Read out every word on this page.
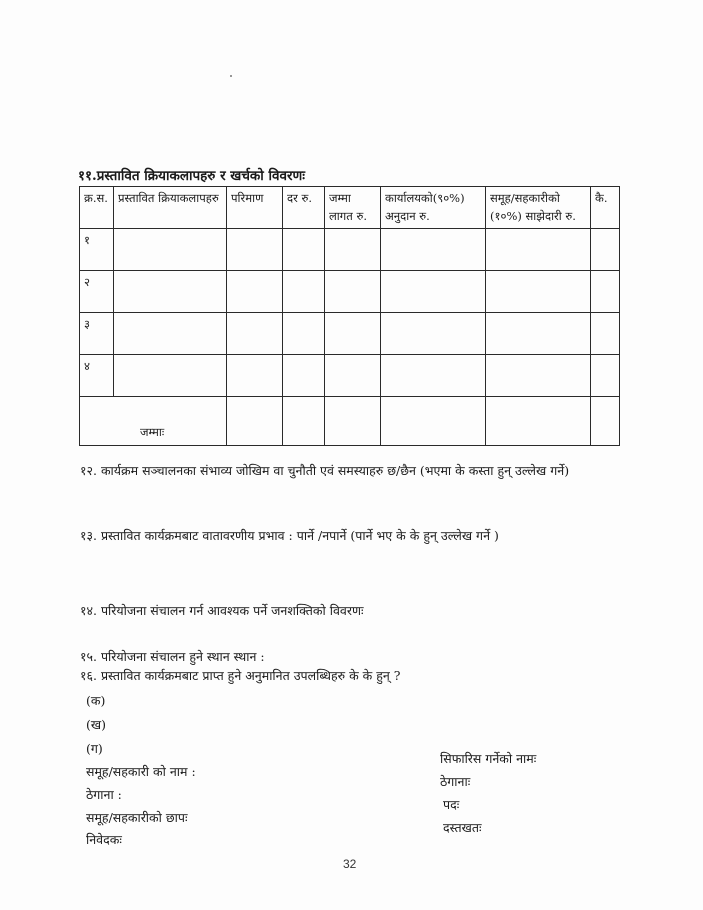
११.प्रस्तावित क्रियाकलापहरु र खर्चको विवरणः
क्र.स.	प्रस्तावित क्रियाकलापहरु	परिमाण	दर रु.	जम्मा लागत रु.	कार्यालयको(९०%) अनुदान रु.	समूह/सहकारीको (१०%) साझेदारी रु.	कै.
१							
२							
३							
४							
जम्माः							
१२. कार्यक्रम सञ्चालनका संभाव्य जोखिम वा चुनौती एवं समस्याहरु छ/छैन (भएमा के कस्ता हुन् उल्लेख गर्ने)
१३. प्रस्तावित कार्यक्रमबाट वातावरणीय प्रभाव : पार्ने /नपार्ने (पार्ने भए के के हुन् उल्लेख गर्ने )
१४. परियोजना संचालन गर्न आवश्यक पर्ने जनशक्तिको विवरणः
१५. परियोजना संचालन हुने स्थान स्थान :
१६. प्रस्तावित कार्यक्रमबाट प्राप्त हुने अनुमानित उपलब्धिहरु के के हुन् ?
(क)
(ख)
(ग)
समूह/सहकारी को नाम :
ठेगाना :
समूह/सहकारीको छापः
निवेदकः
सिफारिस गर्नेको नामः
ठेगानाः
पदः
दस्तखतः
32
